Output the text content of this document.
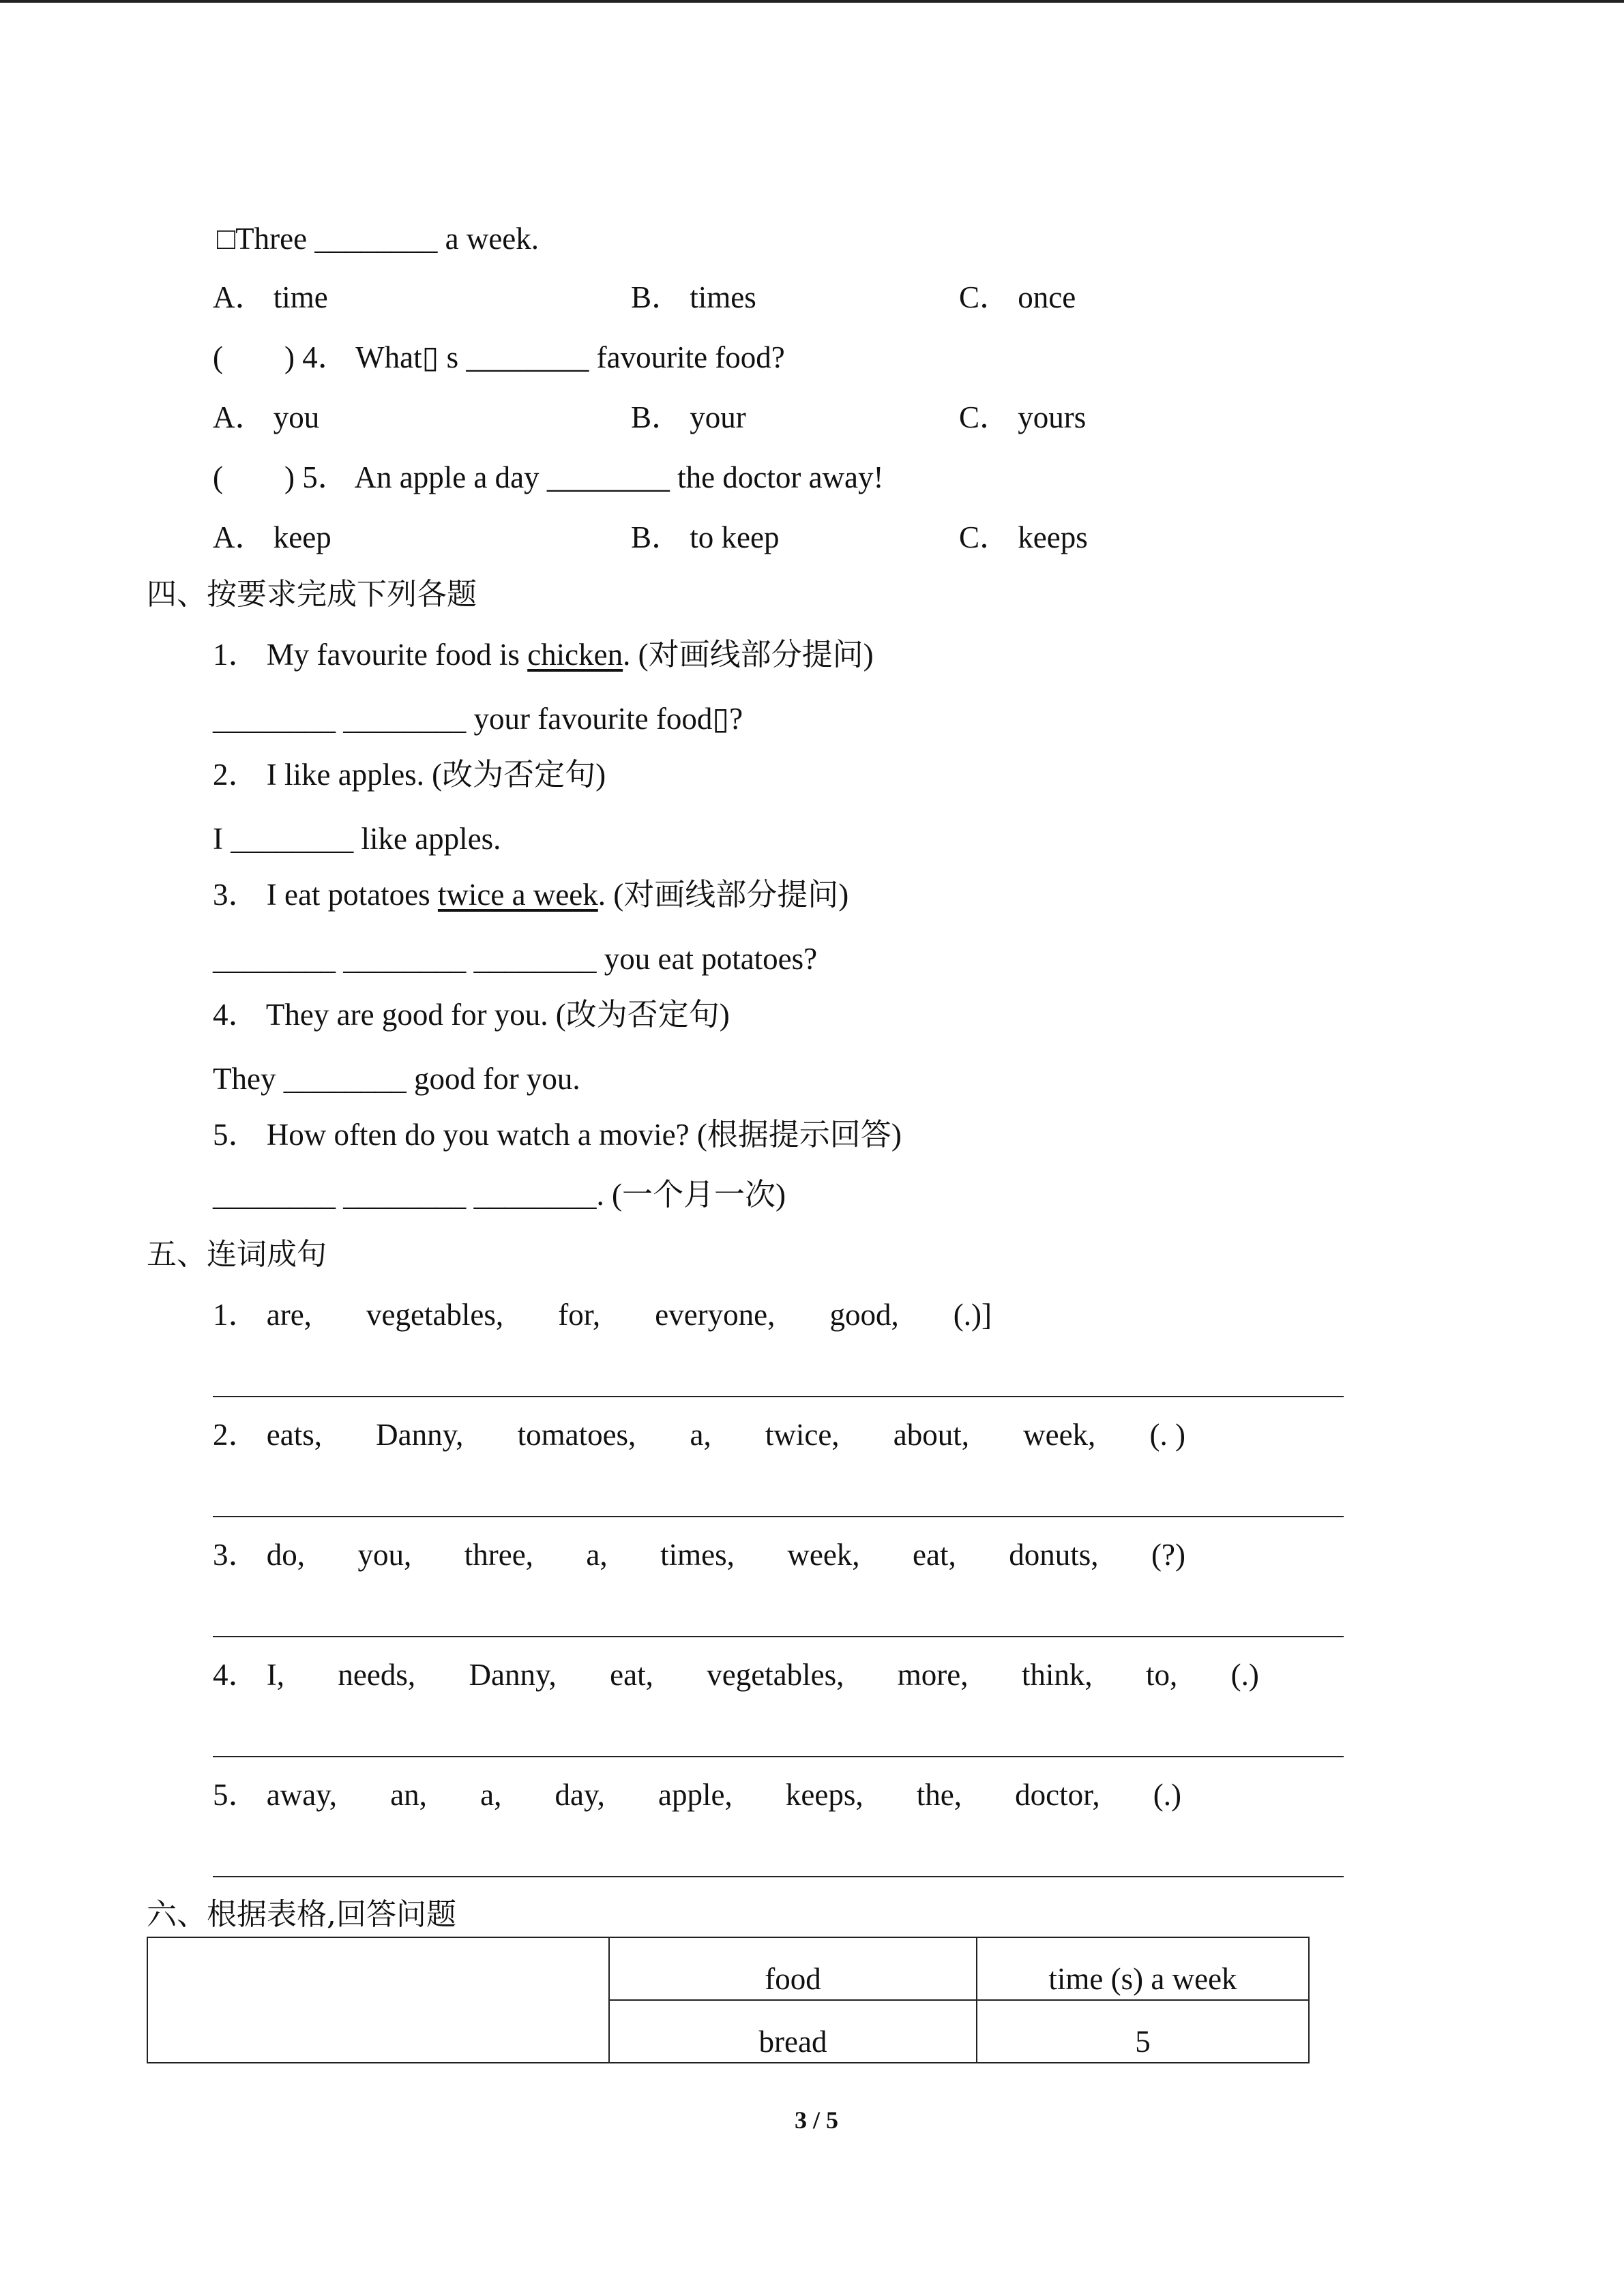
□Three ________ a week.
A． time	B． times	C． once
(        ) 4． What▯ s ________ favourite food?
A． you	B． your	C． yours
(        ) 5． An apple a day ________ the doctor away!
A． keep	B． to keep	C． keeps
四、按要求完成下列各题
1． My favourite food is chicken. (对画线部分提问)
________ ________ your favourite food▯?
2． I like apples. (改为否定句)
I ________ like apples.
3． I eat potatoes twice a week. (对画线部分提问)
________ ________ ________ you eat potatoes?
4． They are good for you. (改为否定句)
They ________ good for you.
5． How often do you watch a movie? (根据提示回答)
________ ________ ________. (一个月一次)
五、连词成句
1． are, vegetables, for, everyone, good, (.)]
2． eats, Danny, tomatoes, a, twice, about, week, (. )
3． do, you, three, a, times, week, eat, donuts, (?)
4． I, needs, Danny, eat, vegetables, more, think, to, (.)
5． away, an, a, day, apple, keeps, the, doctor, (.)
六、根据表格,回答问题
	food	time (s) a week
	bread	5
3 / 5
